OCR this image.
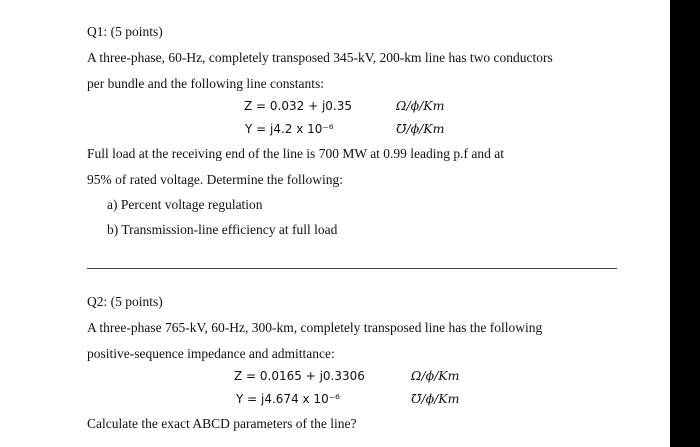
Q1: (5 points)
A three-phase, 60-Hz, completely transposed 345-kV, 200-km line has two conductors
per bundle and the following line constants:
Z = 0.032 + j0.35	Ω/ϕ/Km
Y = j4.2 x 10⁻⁶	℧/ϕ/Km
Full load at the receiving end of the line is 700 MW at 0.99 leading p.f and at
95% of rated voltage. Determine the following:
a) Percent voltage regulation
b) Transmission-line efficiency at full load
Q2: (5 points)
A three-phase 765-kV, 60-Hz, 300-km, completely transposed line has the following
positive-sequence impedance and admittance:
Z = 0.0165 + j0.3306	Ω/ϕ/Km
Y = j4.674 x 10⁻⁶	℧/ϕ/Km
Calculate the exact ABCD parameters of the line?
